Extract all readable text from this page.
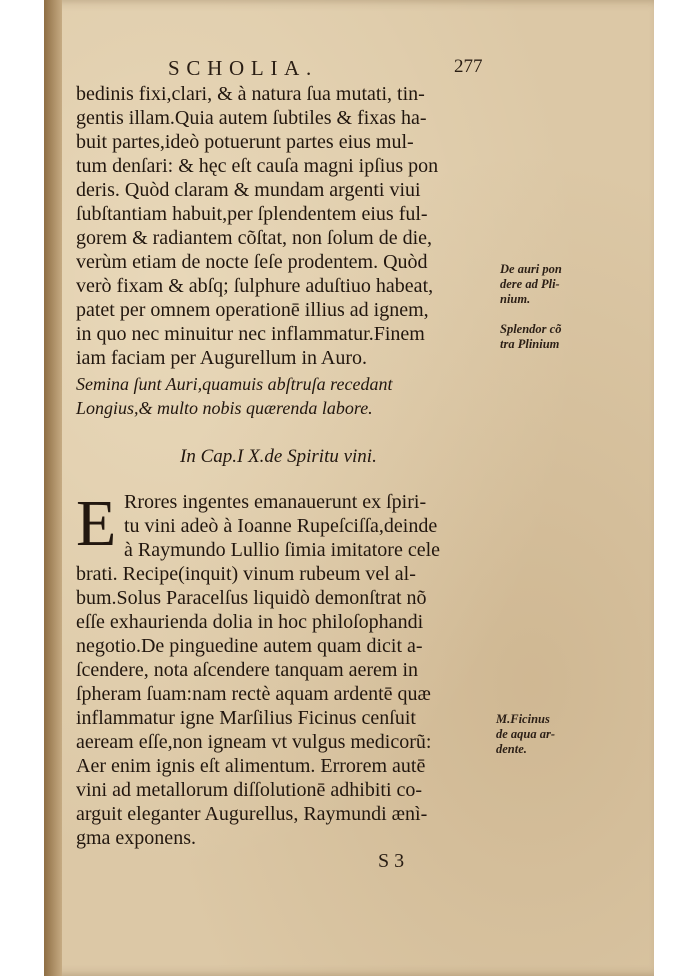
SCHOLIA.	277
bedinis fixi,clari, & à natura ſua mutati, tin-
gentis illam.Quia autem ſubtiles & fixas ha-
buit partes,ideò potuerunt partes eius mul-
tum denſari: & hęc eſt cauſa magni ipſius pon
deris. Quòd claram & mundam argenti viui
ſubſtantiam habuit,per ſplendentem eius ful-
gorem & radiantem cõſtat, non ſolum de die,
verùm etiam de noctе ſeſe prodentem. Quòd
verò fixam & abſq; ſulphure aduſtiuo habeat,
patet per omnem operationē illius ad ignem,
in quo nec minuitur nec inflammatur.Finem
iam faciam per Augurellum in Auro.
Semina ſunt Auri,quamuis abſtruſa recedant
Longius,& multo nobis quærenda labore.
In Cap.I X.de Spiritu vini.
E Rrores ingentes emanauerunt ex ſpiri-
tu vini adeò à Ioanne Rupeſciſſa,deinde
à Raymundo Lullio ſimia imitatore cele
brati. Recipe(inquit) vinum rubeum vel al-
bum.Solus Paracelſus liquidò demonſtrat nõ
eſſe exhaurienda dolia in hoc philoſophandi
negotio.De pinguedine autem quam dicit a-
ſcendere, nota aſcendere tanquam aerem in
ſpheram ſuam:nam rectè aquam ardentē quæ
inflammatur igne Marſilius Ficinus cenſuit
aeream eſſe,non igneam vt vulgus medicorũ:
Aer enim ignis eſt alimentum. Errorem autē
vini ad metallorum diſſolutionē adhibiti co-
arguit eleganter Augurellus, Raymundi ænì-
gma exponens.
De auri pon
dere ad Pli-
nium.
Splendor cõ
tra Plinium
M.Ficinus
de aqua ar-
dente.
S 3
